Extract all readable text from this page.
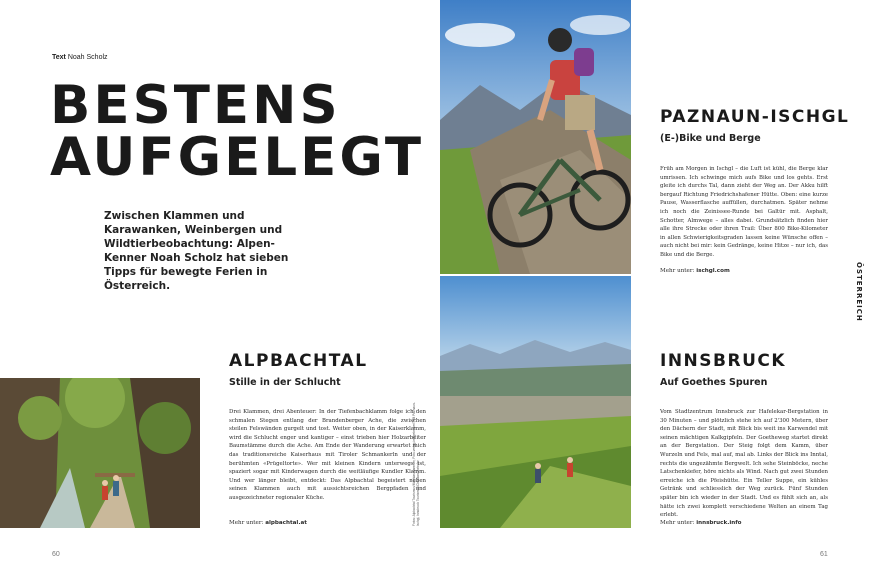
Text Noah Scholz
BESTENS
AUFGELEGT
Zwischen Klammen und Karawanken, Weinbergen und Wildtierbeobachtung: Alpen-Kenner Noah Scholz hat sieben Tipps für bewegte Ferien in Österreich.
ALPBACHTAL
Stille in der Schlucht
Drei Klammen, drei Abenteuer: In der Tiefenbachklamm folge ich den schmalen Stegen entlang der Brandenberger Ache, die zwischen steilen Felswänden gurgelt und tost. Weiter oben, in der Kaiserklamm, wird die Schlucht enger und kantiger – einst trieben hier Holzarbeiter Baumstämme durch die Ache. Am Ende der Wanderung erwartet mich das traditionsreiche Kaiserhaus mit Tiroler Schmankerln und der berühmten «Prügeltorte». Wer mit kleinen Kindern unterwegs ist, spaziert sogar mit Kinderwagen durch die weitläufige Kundler Klamm. Und wer länger bleibt, entdeckt: Das Alpbachtal begeistert neben seinen Klammen auch mit aussichtsreichen Bergpfaden und ausgezeichneter regionaler Küche.
Mehr unter: alpbachtal.at	Fotos: Alpbachtal Tourismus/Matthias Sammer, Foto-verlag-imagebroker/TVB Paznaun-Ischgl, Innsbruck Tourismus/Christian Vorhofer
60
PAZNAUN-ISCHGL
(E-)Bike und Berge
Früh am Morgen in Ischgl – die Luft ist kühl, die Berge klar umrissen. Ich schwinge mich aufs Bike und los gehts. Erst gleite ich durchs Tal, dann zieht der Weg an. Der Akku hilft bergauf Richtung Friedrichshafener Hütte. Oben: eine kurze Pause, Wasserflasche auffüllen, durchatmen. Später nehme ich noch die Zeinissee-Runde bei Galtür mit. Asphalt, Schotter, Almwege – alles dabei. Grundsätzlich finden hier alle ihre Strecke oder ihren Trail: Über 800 Bike-Kilometer in allen Schwierigkeitsgraden lassen keine Wünsche offen – auch nicht bei mir: kein Gedränge, keine Hitze – nur ich, das Bike und die Berge.
Mehr unter: ischgl.com
INNSBRUCK
Auf Goethes Spuren
Vom Stadtzentrum Innsbruck zur Hafelekar-Bergstation in 30 Minuten – und plötzlich stehe ich auf 2'300 Metern, über den Dächern der Stadt, mit Blick bis weit ins Karwendel mit seinen mächtigen Kalkgipfeln. Der Goetheweg startet direkt an der Bergstation. Der Steig folgt dem Kamm, über Wurzeln und Fels, mal auf, mal ab. Links der Blick ins Inntal, rechts die ungezähmte Bergwelt. Ich sehe Steinböcke, neche Latschenkiefer, höre nichts als Wind. Nach gut zwei Stunden erreiche ich die Pfeishütte. Ein Teller Suppe, ein kühles Getränk und schliesslich der Weg zurück. Fünf Stunden später bin ich wieder in der Stadt. Und es fühlt sich an, als hätte ich zwei komplett verschiedene Welten an einem Tag erlebt.
Mehr unter: innsbruck.info
ÖSTERREICH
61
